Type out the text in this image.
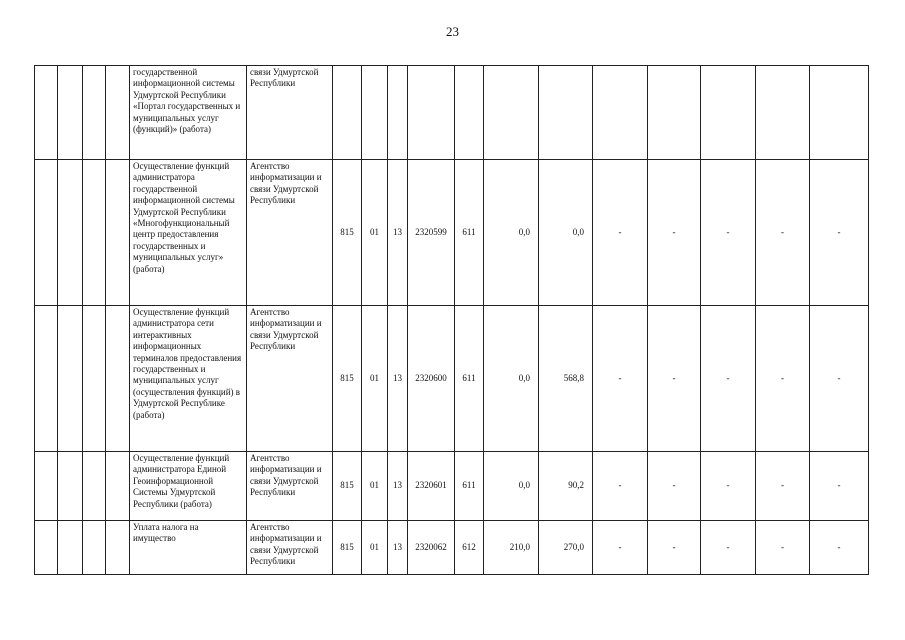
23
				государственной информационной системы Удмуртской Республики «Портал государственных и муниципальных услуг (функций)» (работа)	связи Удмуртской Республики												
				Осуществление функций администратора государственной информационной системы Удмуртской Республики «Многофункциональный центр предоставления государственных и муниципальных услуг» (работа)	Агентство информатизации и связи Удмуртской Республики	815	01	13	2320599	611	0,0	0,0	-	-	-	-	-
				Осуществление функций администратора сети интерактивных информационных терминалов предоставления государственных и муниципальных услуг (осуществления функций) в Удмуртской Республике (работа)	Агентство информатизации и связи Удмуртской Республики	815	01	13	2320600	611	0,0	568,8	-	-	-	-	-
				Осуществление функций администратора Единой Геоинформационной Системы Удмуртской Республики (работа)	Агентство информатизации и связи Удмуртской Республики	815	01	13	2320601	611	0,0	90,2	-	-	-	-	-
				Уплата налога на имущество	Агентство информатизации и связи Удмуртской Республики	815	01	13	2320062	612	210,0	270,0	-	-	-	-	-
